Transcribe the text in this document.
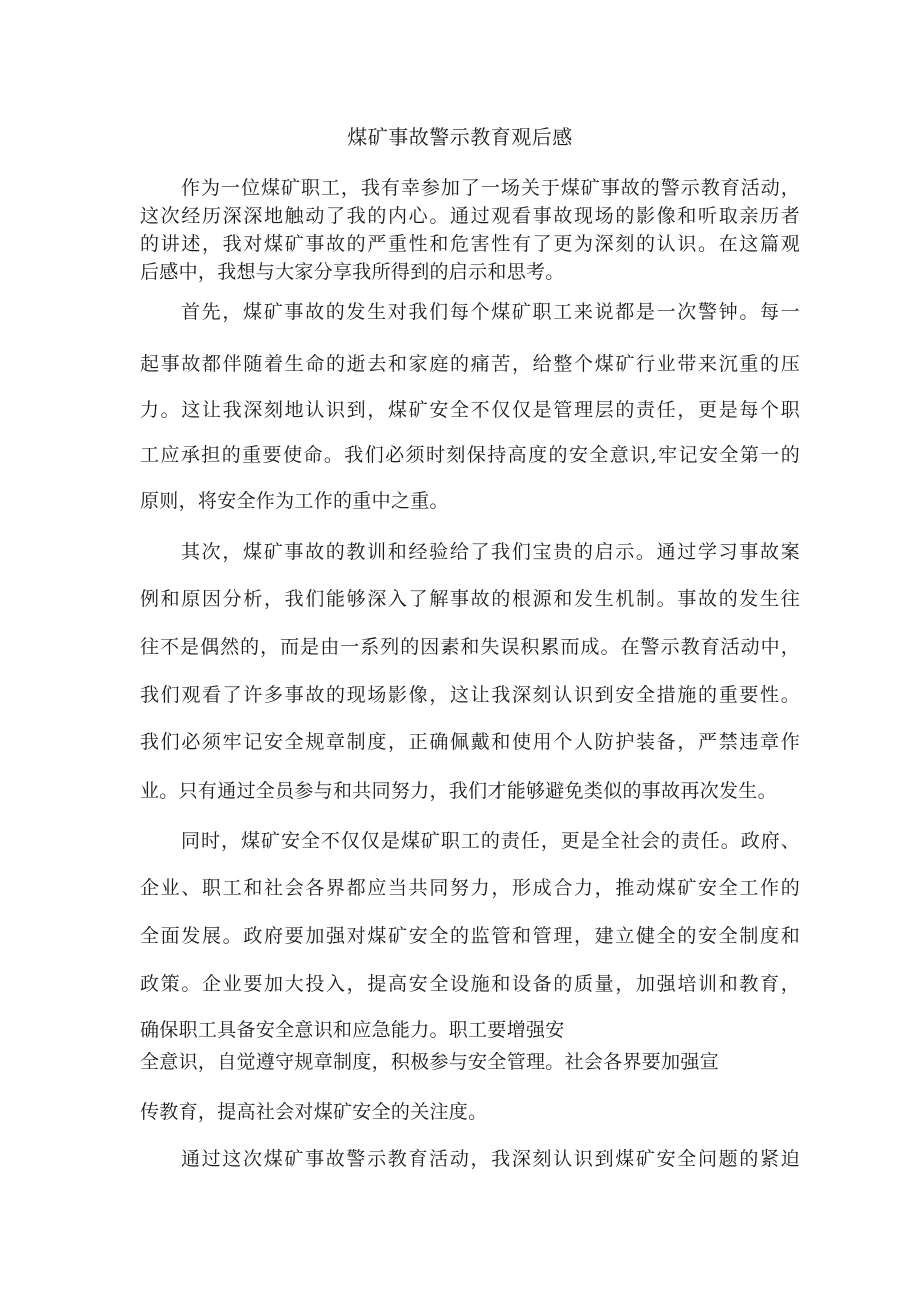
煤矿事故警示教育观后感
作为一位煤矿职工，我有幸参加了一场关于煤矿事故的警示教育活动，
这次经历深深地触动了我的内心。通过观看事故现场的影像和听取亲历者
的讲述，我对煤矿事故的严重性和危害性有了更为深刻的认识。在这篇观
后感中，我想与大家分享我所得到的启示和思考。
首先，煤矿事故的发生对我们每个煤矿职工来说都是一次警钟。每一
起事故都伴随着生命的逝去和家庭的痛苦，给整个煤矿行业带来沉重的压
力。这让我深刻地认识到，煤矿安全不仅仅是管理层的责任，更是每个职
工应承担的重要使命。我们必须时刻保持高度的安全意识,牢记安全第一的
原则，将安全作为工作的重中之重。
其次，煤矿事故的教训和经验给了我们宝贵的启示。通过学习事故案
例和原因分析，我们能够深入了解事故的根源和发生机制。事故的发生往
往不是偶然的，而是由一系列的因素和失误积累而成。在警示教育活动中，
我们观看了许多事故的现场影像，这让我深刻认识到安全措施的重要性。
我们必须牢记安全规章制度，正确佩戴和使用个人防护装备，严禁违章作
业。只有通过全员参与和共同努力，我们才能够避免类似的事故再次发生。
同时，煤矿安全不仅仅是煤矿职工的责任，更是全社会的责任。政府、
企业、职工和社会各界都应当共同努力，形成合力，推动煤矿安全工作的
全面发展。政府要加强对煤矿安全的监管和管理，建立健全的安全制度和
政策。企业要加大投入，提高安全设施和设备的质量，加强培训和教育，
确保职工具备安全意识和应急能力。职工要增强安
全意识，自觉遵守规章制度，积极参与安全管理。社会各界要加强宣
传教育，提高社会对煤矿安全的关注度。
通过这次煤矿事故警示教育活动，我深刻认识到煤矿安全问题的紧迫
